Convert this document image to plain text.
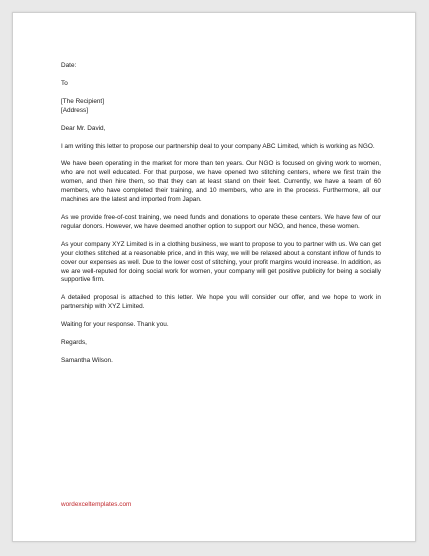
Date:

To

[The Recipient]

[Address]

Dear Mr. David,

I am writing this letter to propose our partnership deal to your company ABC Limited, which is working as NGO.

We have been operating in the market for more than ten years. Our NGO is focused on giving work to women, who are not well educated. For that purpose, we have opened two stitching centers, where we first train the women, and then hire them, so that they can at least stand on their feet. Currently, we have a team of 60 members, who have completed their training, and 10 members, who are in the process. Furthermore, all our machines are the latest and imported from Japan.

As we provide free-of-cost training, we need funds and donations to operate these centers. We have few of our regular donors. However, we have deemed another option to support our NGO, and hence, these women.

As your company XYZ Limited is in a clothing business, we want to propose to you to partner with us. We can get your clothes stitched at a reasonable price, and in this way, we will be relaxed about a constant inflow of funds to cover our expenses as well. Due to the lower cost of stitching, your profit margins would increase. In addition, as we are well-reputed for doing social work for women, your company will get positive publicity for being a socially supportive firm.

A detailed proposal is attached to this letter. We hope you will consider our offer, and we hope to work in partnership with XYZ Limited.

Waiting for your response. Thank you.

Regards,

Samantha Wilson.

wordexceltemplates.com
